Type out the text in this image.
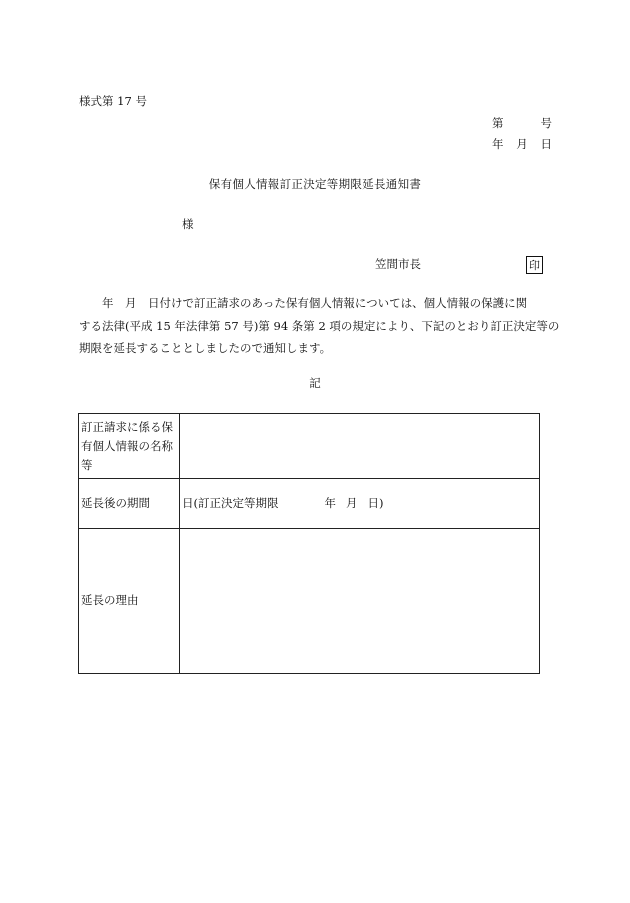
様式第 17 号
第	号
年 月 日
保有個人情報訂正決定等期限延長通知書
様
笠間市長	印
　　年　月　日付けで訂正請求のあった保有個人情報については、個人情報の保護に関
する法律(平成 15 年法律第 57 号)第 94 条第 2 項の規定により、下記のとおり訂正決定等の
期限を延長することとしましたので通知します。
記
訂正請求に係る保有個人情報の名称等	
延長後の期間	日(訂正決定等期限 年 月 日)

延長の理由	
